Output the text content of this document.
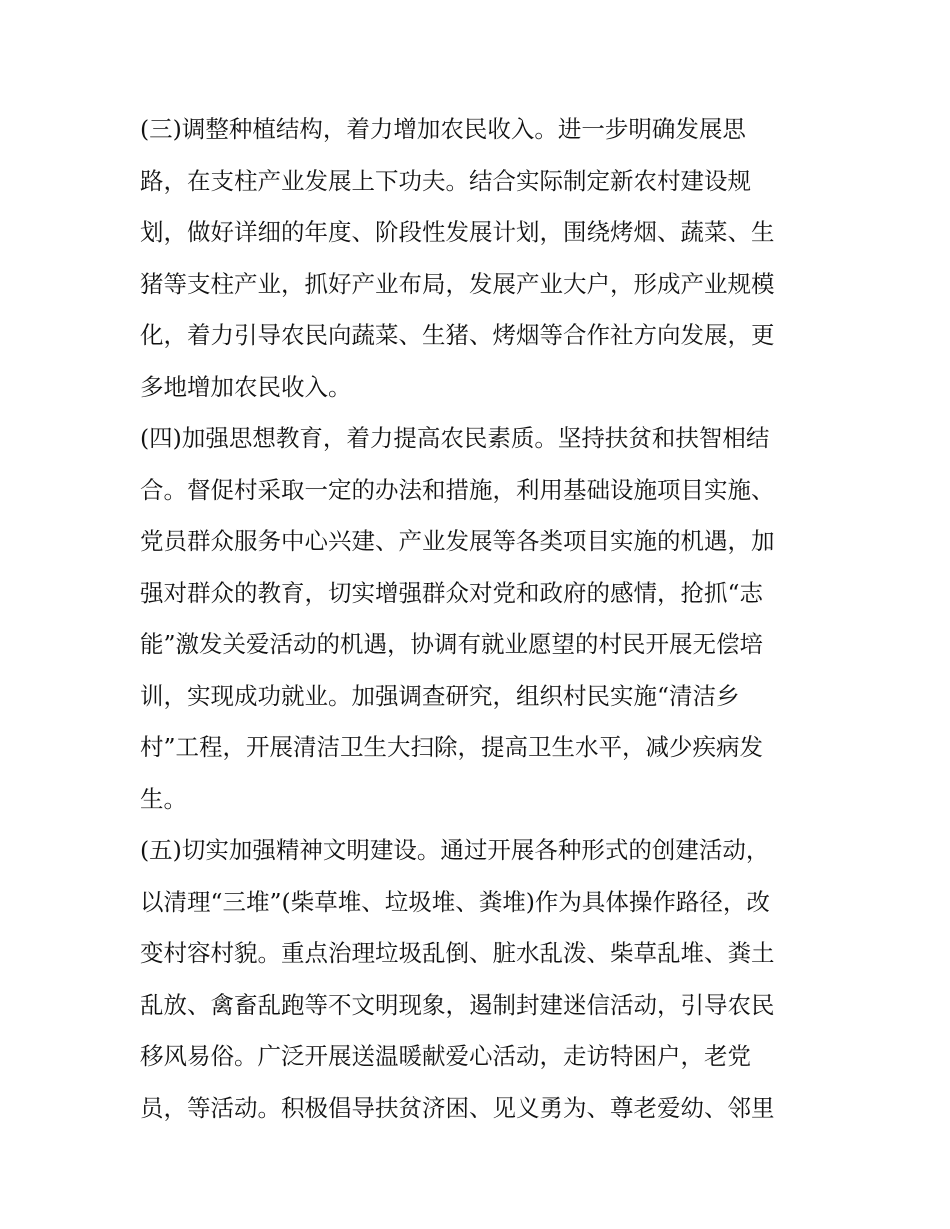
(三)调整种植结构，着力增加农民收入。进一步明确发展思
路，在支柱产业发展上下功夫。结合实际制定新农村建设规
划，做好详细的年度、阶段性发展计划，围绕烤烟、蔬菜、生
猪等支柱产业，抓好产业布局，发展产业大户，形成产业规模
化，着力引导农民向蔬菜、生猪、烤烟等合作社方向发展，更
多地增加农民收入。
(四)加强思想教育，着力提高农民素质。坚持扶贫和扶智相结
合。督促村采取一定的办法和措施，利用基础设施项目实施、
党员群众服务中心兴建、产业发展等各类项目实施的机遇，加
强对群众的教育，切实增强群众对党和政府的感情，抢抓“志
能”激发关爱活动的机遇，协调有就业愿望的村民开展无偿培
训，实现成功就业。加强调查研究，组织村民实施“清洁乡
村”工程，开展清洁卫生大扫除，提高卫生水平，减少疾病发
生。
(五)切实加强精神文明建设。通过开展各种形式的创建活动，
以清理“三堆”(柴草堆、垃圾堆、粪堆)作为具体操作路径，改
变村容村貌。重点治理垃圾乱倒、脏水乱泼、柴草乱堆、粪土
乱放、禽畜乱跑等不文明现象，遏制封建迷信活动，引导农民
移风易俗。广泛开展送温暖献爱心活动，走访特困户，老党
员，等活动。积极倡导扶贫济困、见义勇为、尊老爱幼、邻里
